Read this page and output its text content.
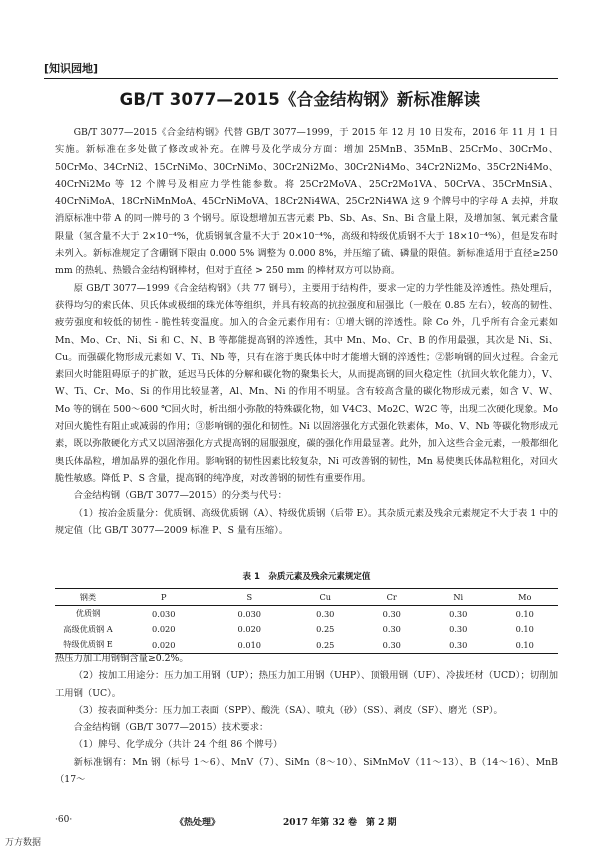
[知识园地]
GB/T 3077—2015《合金结构钢》新标准解读

GB/T 3077—2015《合金结构钢》代替 GB/T 3077—1999，于 2015 年 12 月 10 日发布，2016 年 11 月 1 日实施。新标准在多处做了修改或补充。在牌号及化学成分方面：增加 25MnB、35MnB、25CrMo、30CrMo、50CrMo、34CrNi2、15CrNiMo、30CrNiMo、30Cr2Ni2Mo、30Cr2Ni4Mo、34Cr2Ni2Mo、35Cr2Ni4Mo、40CrNi2Mo 等 12 个牌号及相应力学性能参数。将 25Cr2MoVA、25Cr2Mo1VA、50CrVA、35CrMnSiA、40CrNiMoA、18CrNiMnMoA、45CrNiMoVA、18Cr2Ni4WA、25Cr2Ni4WA 这 9 个牌号中的字母 A 去掉，并取消原标准中带 A 的同一牌号的 3 个钢号。原设想增加五害元素 Pb、Sb、As、Sn、Bi 含量上限，及增加氢、氧元素含量限量（氢含量不大于 2×10⁻⁴%，优质钢氧含量不大于 20×10⁻⁴%，高级和特级优质钢不大于 18×10⁻⁴%），但是发布时未列入。新标准规定了含硼钢下限由 0.000 5% 调整为 0.000 8%，并压缩了硫、磷量的限值。新标准适用于直径≥250 mm 的热轧、热锻合金结构钢棒材，但对于直径 > 250 mm 的棒材双方可以协商。

原 GB/T 3077—1999《合金结构钢》（共 77 钢号），主要用于结构件，要求一定的力学性能及淬透性。热处理后，获得均匀的索氏体、贝氏体或极细的珠光体等组织，并具有较高的抗拉强度和屈强比（一般在 0.85 左右），较高的韧性、疲劳强度和较低的韧性 - 脆性转变温度。加入的合金元素作用有：①增大钢的淬透性。除 Co 外，几乎所有合金元素如 Mn、Mo、Cr、Ni、Si 和 C、N、B 等都能提高钢的淬透性，其中 Mn、Mo、Cr、B 的作用最强，其次是 Ni、Si、Cu。而强碳化物形成元素如 V、Ti、Nb 等，只有在溶于奥氏体中时才能增大钢的淬透性；②影响钢的回火过程。合金元素回火时能阻碍原子的扩散，延迟马氏体的分解和碳化物的聚集长大，从而提高钢的回火稳定性（抗回火软化能力），V、W、Ti、Cr、Mo、Si 的作用比较显著，Al、Mn、Ni 的作用不明显。含有较高含量的碳化物形成元素，如含 V、W、Mo 等的钢在 500～600 ℃回火时，析出细小弥散的特殊碳化物，如 V4C3、Mo2C、W2C 等，出现二次硬化现象。Mo 对回火脆性有阻止或减弱的作用；③影响钢的强化和韧性。Ni 以固溶强化方式强化铁素体，Mo、V、Nb 等碳化物形成元素，既以弥散硬化方式又以固溶强化方式提高钢的屈服强度，碳的强化作用最显著。此外，加入这些合金元素，一般都细化奥氏体晶粒，增加晶界的强化作用。影响钢的韧性因素比较复杂，Ni 可改善钢的韧性，Mn 易使奥氏体晶粒粗化，对回火脆性敏感。降低 P、S 含量，提高钢的纯净度，对改善钢的韧性有重要作用。

合金结构钢（GB/T 3077—2015）的分类与代号：

（1）按冶金质量分：优质钢、高级优质钢（A）、特级优质钢（后带 E）。其杂质元素及残余元素规定不大于表 1 中的规定值（比 GB/T 3077—2009 标准 P、S 量有压缩）。

表 1　杂质元素及残余元素规定值
钢类	P	S	Cu	Cr	Ni	Mo
优质钢	0.030	0.030	0.30	0.30	0.30	0.10
高级优质钢 A	0.020	0.020	0.25	0.30	0.30	0.10
特级优质钢 E	0.020	0.010	0.25	0.30	0.30	0.10

热压力加工用钢铜含量≥0.2%。

（2）按加工用途分：压力加工用钢（UP）；热压力加工用钢（UHP）、顶锻用钢（UF）、冷拔坯材（UCD）；切削加工用钢（UC）。

（3）按表面种类分：压力加工表面（SPP）、酸洗（SA）、喷丸（砂）（SS）、剥皮（SF）、磨光（SP）。

合金结构钢（GB/T 3077—2015）技术要求：

（1）牌号、化学成分（共计 24 个组 86 个牌号）

新标准钢有：Mn 钢（标号 1～6）、MnV（7）、SiMn（8～10）、SiMnMoV（11～13）、B（14～16）、MnB（17～

·60·	《热处理》	2017 年第 32 卷　第 2 期
万方数据
